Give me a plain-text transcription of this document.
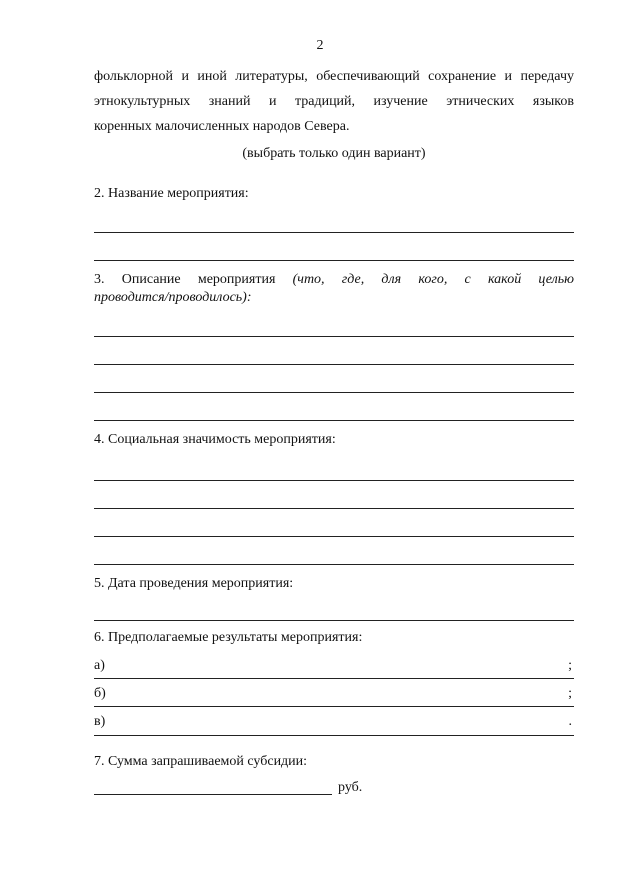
2
фольклорной и иной литературы, обеспечивающий сохранение и передачу
этнокультурных знаний и традиций, изучение этнических языков
коренных малочисленных народов Севера.
(выбрать только один вариант)
2. Название мероприятия:
3. Описание мероприятия (что, где, для кого, с какой целью
проводится/проводилось):
4. Социальная значимость мероприятия:
5. Дата проведения мероприятия:
6. Предполагаемые результаты мероприятия:
а)	;
б)	;
в)	.
7. Сумма запрашиваемой субсидии:
руб.
